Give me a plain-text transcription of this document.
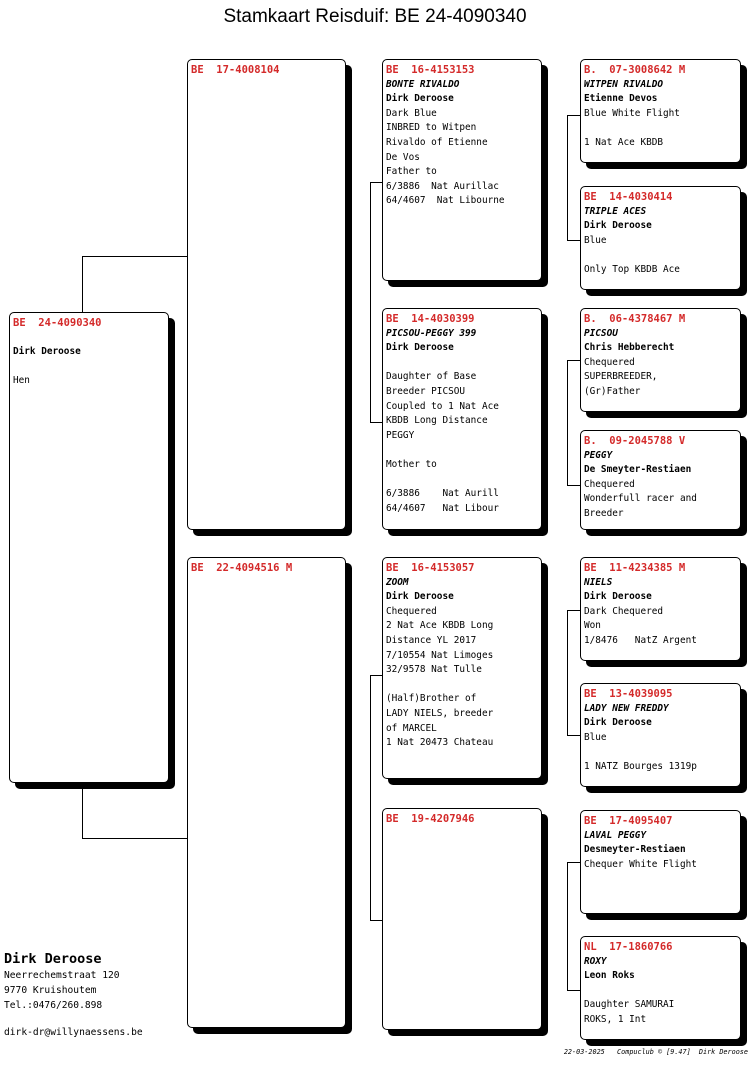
Stamkaart Reisduif: BE 24-4090340
BE  24-4090340
Dirk Deroose
Hen
BE  17-4008104
BE  22-4094516 M
BE  16-4153153
BONTE RIVALDO
Dirk Deroose
Dark Blue
INBRED to Witpen
Rivaldo of Etienne
De Vos
Father to
6/3886  Nat Aurillac
64/4607  Nat Libourne
BE  14-4030399
PICSOU-PEGGY 399
Dirk Deroose
Daughter of Base
Breeder PICSOU
Coupled to 1 Nat Ace
KBDB Long Distance
PEGGY
Mother to
6/3886    Nat Aurill
64/4607   Nat Libour
BE  16-4153057
ZOOM
Dirk Deroose
Chequered
2 Nat Ace KBDB Long
Distance YL 2017
7/10554 Nat Limoges
32/9578 Nat Tulle
(Half)Brother of
LADY NIELS, breeder
of MARCEL
1 Nat 20473 Chateau
BE  19-4207946
B.  07-3008642 M
WITPEN RIVALDO
Etienne Devos
Blue White Flight
1 Nat Ace KBDB
BE  14-4030414
TRIPLE ACES
Dirk Deroose
Blue
Only Top KBDB Ace
B.  06-4378467 M
PICSOU
Chris Hebberecht
Chequered
SUPERBREEDER,
(Gr)Father
B.  09-2045788 V
PEGGY
De Smeyter-Restiaen
Chequered
Wonderfull racer and
Breeder
BE  11-4234385 M
NIELS
Dirk Deroose
Dark Chequered
Won
1/8476   NatZ Argent
BE  13-4039095
LADY NEW FREDDY
Dirk Deroose
Blue
1 NATZ Bourges 1319p
BE  17-4095407
LAVAL PEGGY
Desmeyter-Restiaen
Chequer White Flight
NL  17-1860766
ROXY
Leon Roks
Daughter SAMURAI
ROKS, 1 Int
Dirk Deroose
Neerrechemstraat 120
9770 Kruishoutem
Tel.:0476/260.898
dirk-dr@willynaessens.be
22-03-2025   Compuclub © [9.47]  Dirk Deroose
